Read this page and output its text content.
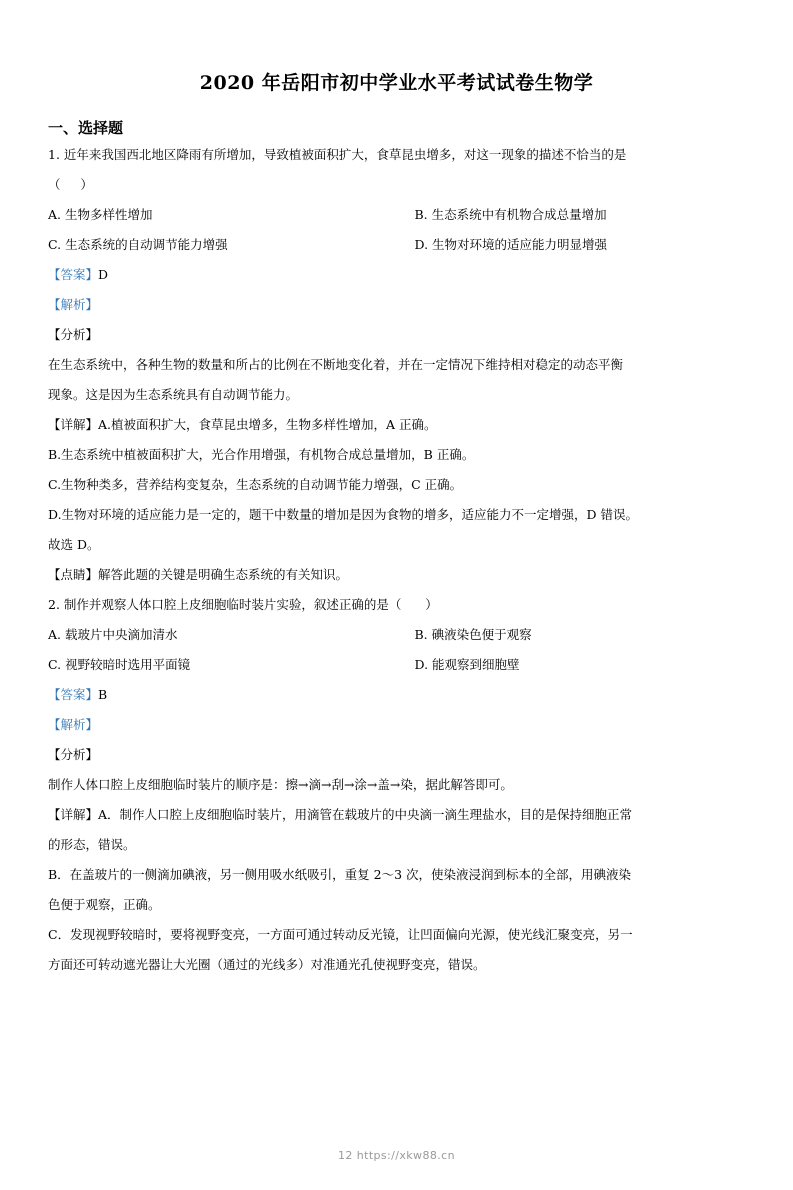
2020 年岳阳市初中学业水平考试试卷生物学
一、选择题
1. 近年来我国西北地区降雨有所增加，导致植被面积扩大，食草昆虫增多，对这一现象的描述不恰当的是
（     ）
A. 生物多样性增加	B. 生态系统中有机物合成总量增加
C. 生态系统的自动调节能力增强	D. 生物对环境的适应能力明显增强
【答案】D
【解析】
【分析】
在生态系统中，各种生物的数量和所占的比例在不断地变化着，并在一定情况下维持相对稳定的动态平衡
现象。这是因为生态系统具有自动调节能力。
【详解】A.植被面积扩大，食草昆虫增多，生物多样性增加，A 正确。
B.生态系统中植被面积扩大，光合作用增强，有机物合成总量增加，B 正确。
C.生物种类多，营养结构变复杂，生态系统的自动调节能力增强，C 正确。
D.生物对环境的适应能力是一定的，题干中数量的增加是因为食物的增多，适应能力不一定增强，D 错误。
故选 D。
【点睛】解答此题的关键是明确生态系统的有关知识。
2. 制作并观察人体口腔上皮细胞临时装片实验，叙述正确的是（      ）
A. 载玻片中央滴加清水	B. 碘液染色便于观察
C. 视野较暗时选用平面镜	D. 能观察到细胞壁
【答案】B
【解析】
【分析】
制作人体口腔上皮细胞临时装片的顺序是：擦→滴→刮→涂→盖→染，据此解答即可。
【详解】A．制作人口腔上皮细胞临时装片，用滴管在载玻片的中央滴一滴生理盐水，目的是保持细胞正常
的形态，错误。
B．在盖玻片的一侧滴加碘液，另一侧用吸水纸吸引，重复 2～3 次，使染液浸润到标本的全部，用碘液染
色便于观察，正确。
C．发现视野较暗时，要将视野变亮，一方面可通过转动反光镜，让凹面偏向光源，使光线汇聚变亮，另一
方面还可转动遮光器让大光圈（通过的光线多）对准通光孔使视野变亮，错误。
12 https://xkw88.cn
